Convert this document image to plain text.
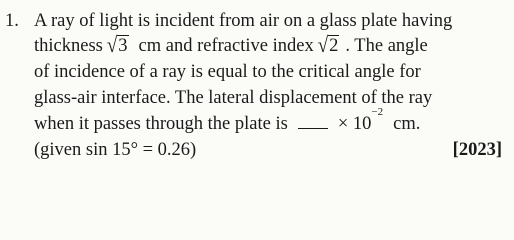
1. A ray of light is incident from air on a glass plate having
thickness √3 cm and refractive index √2 . The angle
of incidence of a ray is equal to the critical angle for
glass-air interface. The lateral displacement of the ray
when it passes through the plate is	× 10
−2
cm.
(given sin 15° = 0.26)	[2023]
